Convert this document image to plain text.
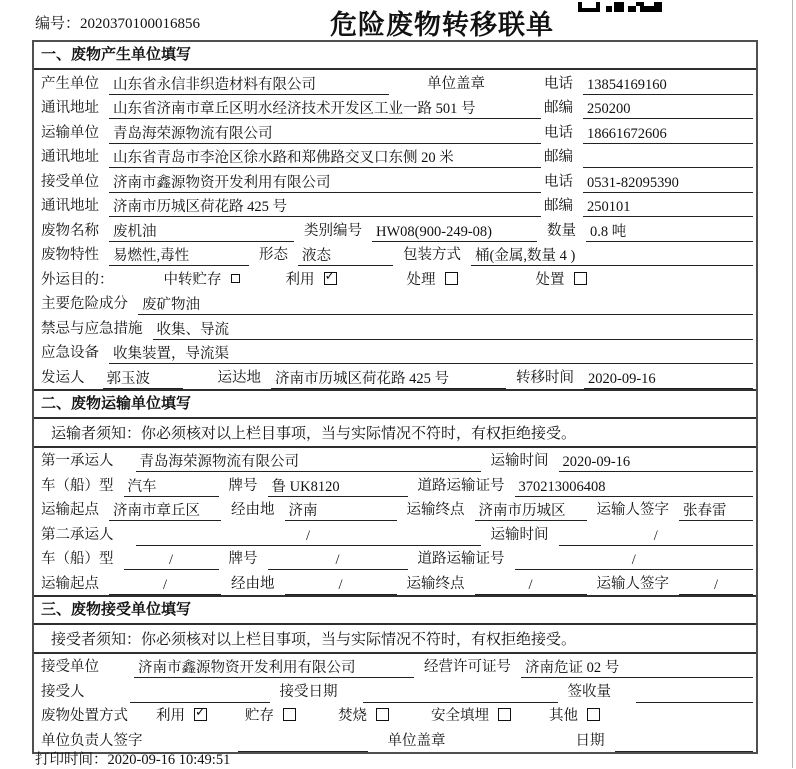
编号：2020370100016856	危险废物转移联单
一、废物产生单位填写
产生单位 山东省永信非织造材料有限公司	单位盖章	电话 13854169160
通讯地址 山东省济南市章丘区明水经济技术开发区工业一路 501 号	邮编 250200
运输单位 青岛海荣源物流有限公司	电话 18661672606
通讯地址 山东省青岛市李沧区徐水路和郑佛路交叉口东侧 20 米	邮编
接受单位 济南市鑫源物资开发利用有限公司	电话 0531-82095390
通讯地址 济南市历城区荷花路 425 号	邮编 250101
废物名称 废机油	类别编号 HW08(900-249-08)	数量 0.8 吨
废物特性 易燃性,毒性	形态 液态	包装方式 桶(金属,数量 4 )
外运目的：	中转贮存	利用 ✓	处理	处置
主要危险成分 废矿物油
禁忌与应急措施 收集、导流
应急设备 收集装置，导流渠
发运人 郭玉波	运达地 济南市历城区荷花路 425 号	转移时间 2020-09-16
二、废物运输单位填写
运输者须知：你必须核对以上栏目事项，当与实际情况不符时，有权拒绝接受。
第一承运人 青岛海荣源物流有限公司	运输时间 2020-09-16
车（船）型 汽车	牌号 鲁 UK8120	道路运输证号 370213006408
运输起点 济南市章丘区 经由地 济南	运输终点 济南市历城区 运输人签字 张春雷
第二承运人	/	运输时间	/
车（船）型	/	牌号	/	道路运输证号	/
运输起点	/	经由地	/	运输终点	/	运输人签字	/
三、废物接受单位填写
接受者须知：你必须核对以上栏目事项，当与实际情况不符时，有权拒绝接受。
接受单位	济南市鑫源物资开发利用有限公司	经营许可证号 济南危证 02 号
接受人	接受日期	签收量
废物处置方式 利用 ✓	贮存	焚烧	安全填埋	其他
单位负责人签字	单位盖章	日期
打印时间：2020-09-16 10:49:51
